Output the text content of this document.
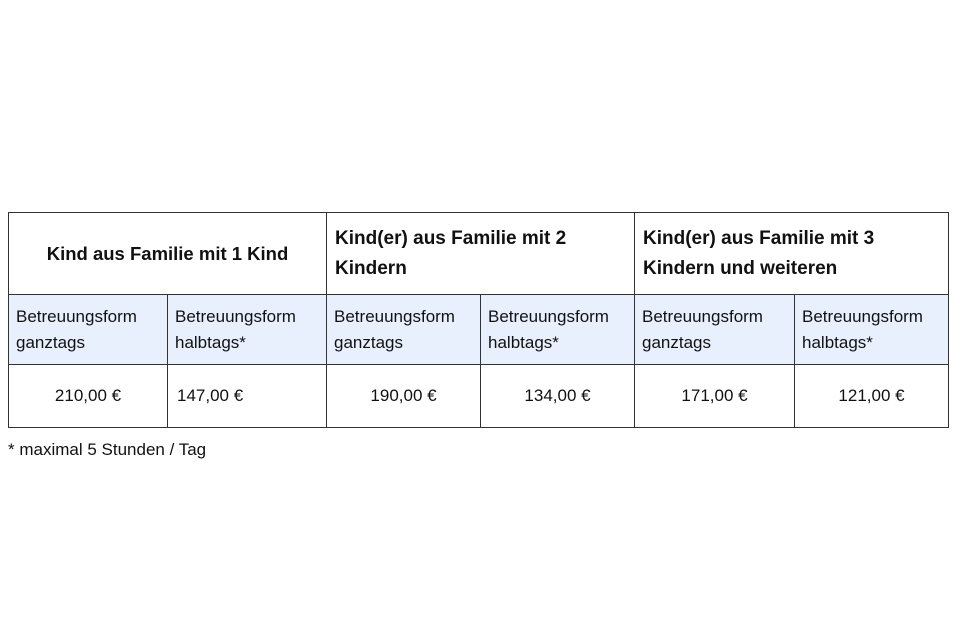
Kind aus Familie mit 1 Kind		Kind(er) aus Familie mit 2 Kindern		Kind(er) aus Familie mit 3 Kindern und weiteren	
Betreuungsform ganztags	Betreuungsform halbtags*	Betreuungsform ganztags	Betreuungsform halbtags*	Betreuungsform ganztags	Betreuungsform halbtags*
210,00 €	147,00 €	190,00 €	134,00 €	171,00 €	121,00 €
* maximal 5 Stunden / Tag
